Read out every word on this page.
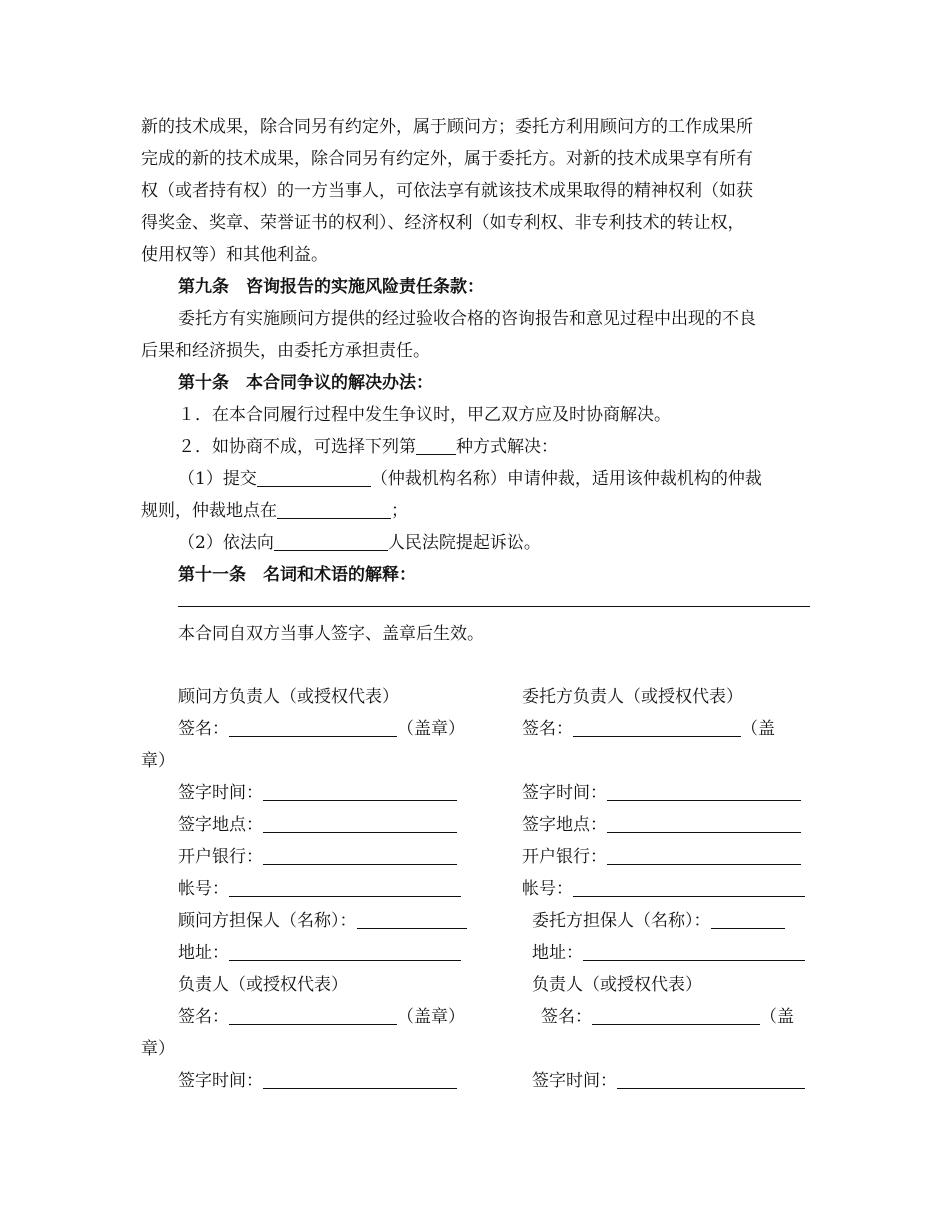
新的技术成果，除合同另有约定外，属于顾问方；委托方利用顾问方的工作成果所
完成的新的技术成果，除合同另有约定外，属于委托方。对新的技术成果享有所有
权（或者持有权）的一方当事人，可依法享有就该技术成果取得的精神权利（如获
得奖金、奖章、荣誉证书的权利）、经济权利（如专利权、非专利技术的转让权，
使用权等）和其他利益。
第九条　咨询报告的实施风险责任条款：
委托方有实施顾问方提供的经过验收合格的咨询报告和意见过程中出现的不良
后果和经济损失，由委托方承担责任。
第十条　本合同争议的解决办法：
１．在本合同履行过程中发生争议时，甲乙双方应及时协商解决。
２．如协商不成，可选择下列第 种方式解决：
（1）提交	（仲裁机构名称）申请仲裁，适用该仲裁机构的仲裁
规则，仲裁地点在	；
（2）依法向	人民法院提起诉讼。
第十一条　名词和术语的解释：
本合同自双方当事人签字、盖章后生效。
顾问方负责人（或授权代表）
签名：	（盖章）
章）
签字时间：
签字地点：
开户银行：
帐号：
顾问方担保人（名称）：
地址：
负责人（或授权代表）
签名：	（盖章）
章）
签字时间：
委托方负责人（或授权代表）
签名：	（盖
签字时间：
签字地点：
开户银行：
帐号：
委托方担保人（名称）：
地址：
负责人（或授权代表）
签名：	（盖
签字时间：
